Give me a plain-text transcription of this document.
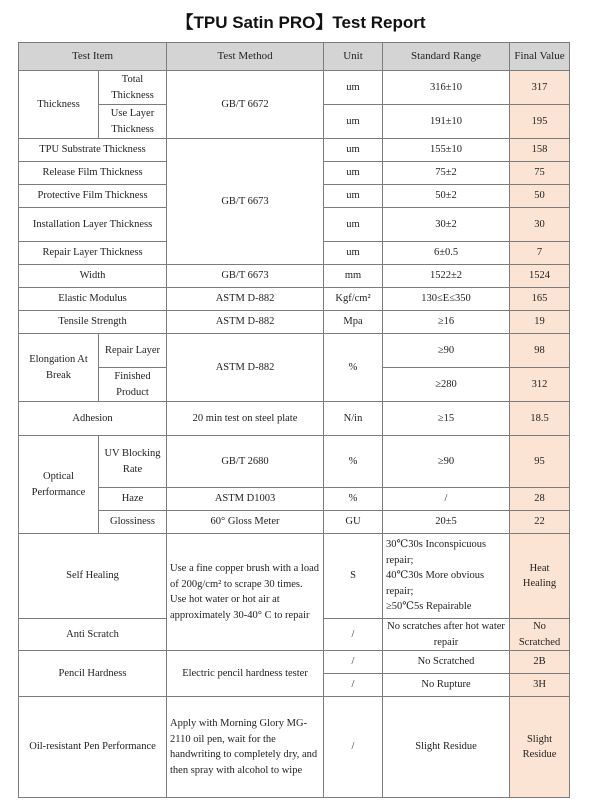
【TPU Satin PRO】Test Report
Test Item		Test Method	Unit	Standard Range	Final Value
Thickness	Total Thickness	GB/T 6672	um	316±10	317
	Use Layer Thickness		um	191±10	195
TPU Substrate Thickness		GB/T 6673	um	155±10	158
Release Film Thickness			um	75±2	75
Protective Film Thickness			um	50±2	50
Installation Layer Thickness			um	30±2	30
Repair Layer Thickness			um	6±0.5	7
Width		GB/T 6673	mm	1522±2	1524
Elastic Modulus		ASTM D-882	Kgf/cm²	130≤E≤350	165
Tensile Strength		ASTM D-882	Mpa	≥16	19
Elongation At Break	Repair Layer	ASTM D-882	%	≥90	98
	Finished Product			≥280	312
Adhesion		20 min test on steel plate	N/in	≥15	18.5
Optical Performance	UV Blocking Rate	GB/T 2680	%	≥90	95
	Haze	ASTM D1003	%	/	28
	Glossiness	60° Gloss Meter	GU	20±5	22
Self Healing		Use a fine copper brush with a load of 200g/cm² to scrape 30 times. Use hot water or hot air at approximately 30-40° C to repair	S	30℃30s Inconspicuous repair;
40℃30s More obvious repair;
≥50℃5s Repairable	Heat Healing
Anti Scratch			/	No scratches after hot water repair	No Scratched
Pencil Hardness		Electric pencil hardness tester	/	No Scratched	2B
			/	No Rupture	3H
Oil-resistant Pen Performance		Apply with Morning Glory MG-2110 oil pen, wait for the handwriting to completely dry, and then spray with alcohol to wipe	/	Slight Residue	Slight Residue
